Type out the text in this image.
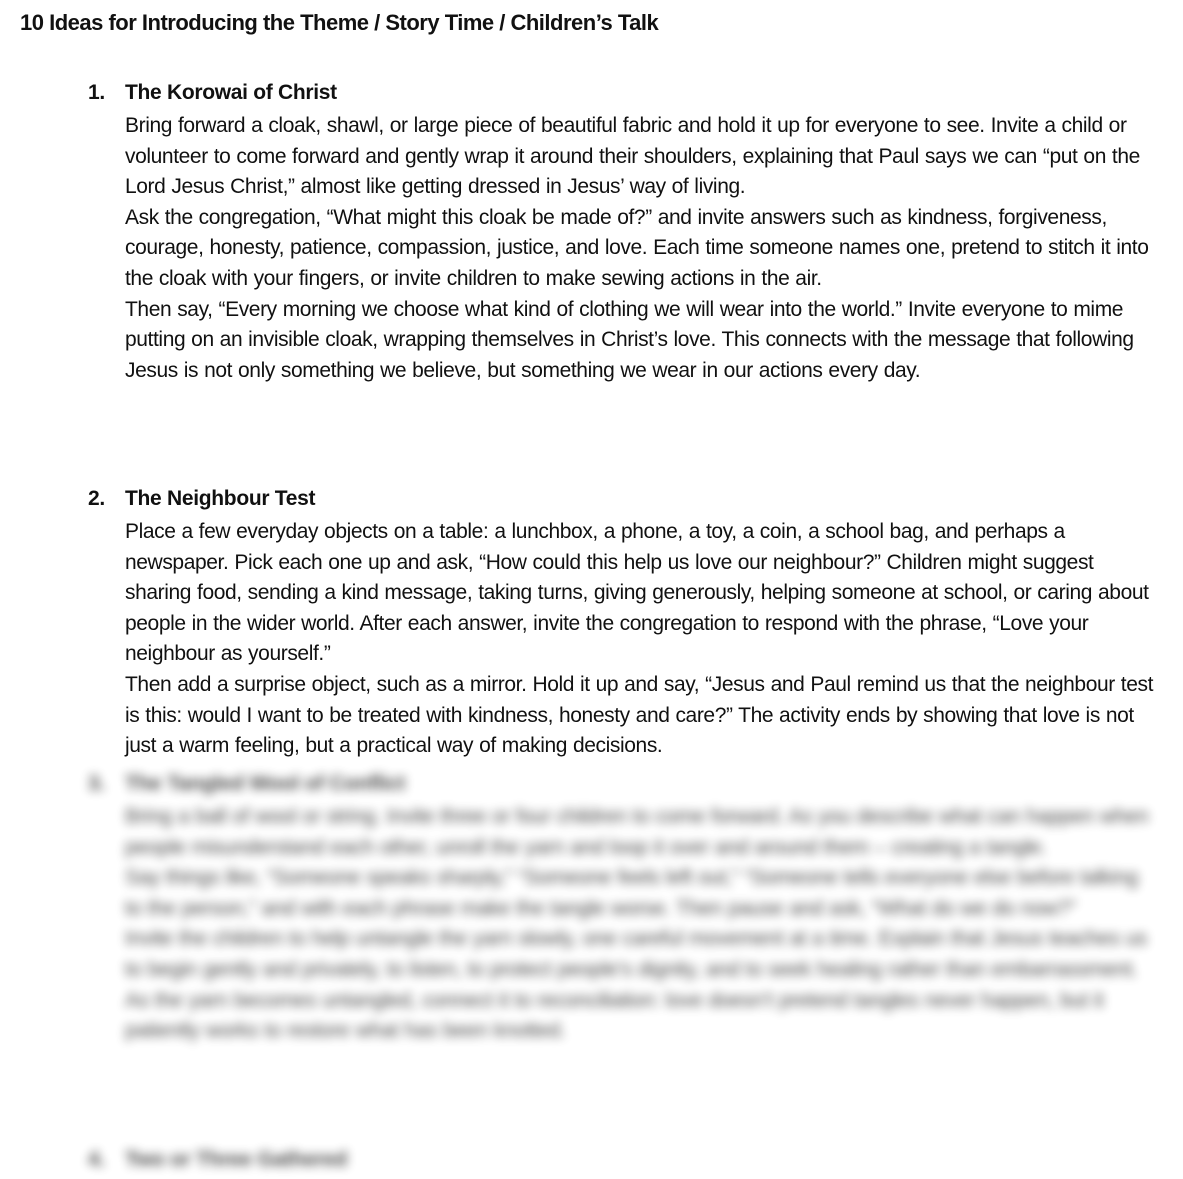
10 Ideas for Introducing the Theme / Story Time / Children’s Talk
1. The Korowai of Christ
Bring forward a cloak, shawl, or large piece of beautiful fabric and hold it up for everyone to see. Invite a child or volunteer to come forward and gently wrap it around their shoulders, explaining that Paul says we can “put on the Lord Jesus Christ,” almost like getting dressed in Jesus’ way of living.
Ask the congregation, “What might this cloak be made of?” and invite answers such as kindness, forgiveness, courage, honesty, patience, compassion, justice, and love. Each time someone names one, pretend to stitch it into the cloak with your fingers, or invite children to make sewing actions in the air.
Then say, “Every morning we choose what kind of clothing we will wear into the world.” Invite everyone to mime putting on an invisible cloak, wrapping themselves in Christ’s love. This connects with the message that following Jesus is not only something we believe, but something we wear in our actions every day.
2. The Neighbour Test
Place a few everyday objects on a table: a lunchbox, a phone, a toy, a coin, a school bag, and perhaps a newspaper. Pick each one up and ask, “How could this help us love our neighbour?” Children might suggest sharing food, sending a kind message, taking turns, giving generously, helping someone at school, or caring about people in the wider world. After each answer, invite the congregation to respond with the phrase, “Love your neighbour as yourself.”
Then add a surprise object, such as a mirror. Hold it up and say, “Jesus and Paul remind us that the neighbour test is this: would I want to be treated with kindness, honesty and care?” The activity ends by showing that love is not just a warm feeling, but a practical way of making decisions.
3. The Tangled Wool of Conflict
Bring a ball of wool or string. Invite three or four children to come forward. As you describe what can happen when people misunderstand each other, unroll the yarn and loop it over and around them – creating a tangle.
Say things like, “Someone speaks sharply,” “Someone feels left out,” “Someone tells everyone else before talking to the person,” and with each phrase make the tangle worse. Then pause and ask, “What do we do now?”
Invite the children to help untangle the yarn slowly, one careful movement at a time. Explain that Jesus teaches us to begin gently and privately, to listen, to protect people’s dignity, and to seek healing rather than embarrassment. As the yarn becomes untangled, connect it to reconciliation: love doesn’t pretend tangles never happen, but it patiently works to restore what has been knotted.
4. Two or Three Gathered
